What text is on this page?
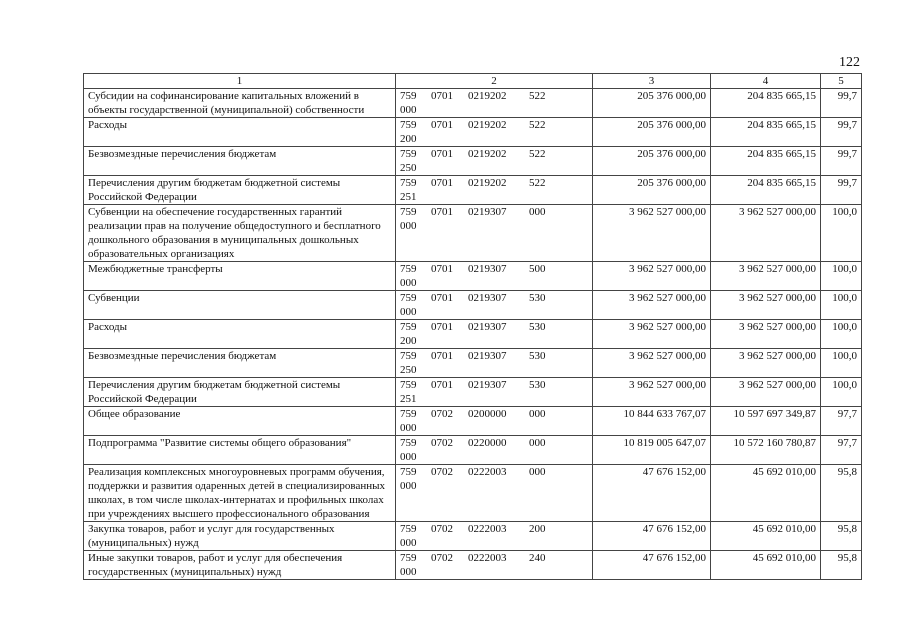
122
1	2	3	4	5
Субсидии на софинансирование капитальных вложений в объекты государственной (муниципальной) собственности	759 0701 0219202 522000	205 376 000,00	204 835 665,15	99,7
Расходы	759 0701 0219202 522200	205 376 000,00	204 835 665,15	99,7
Безвозмездные перечисления бюджетам	759 0701 0219202 522250	205 376 000,00	204 835 665,15	99,7
Перечисления другим бюджетам бюджетной системы Российской Федерации	759 0701 0219202 522251	205 376 000,00	204 835 665,15	99,7
Субвенции на обеспечение государственных гарантий реализации прав на получение общедоступного и бесплатного дошкольного образования в муниципальных дошкольных образовательных организациях	759 0701 0219307 000000	3 962 527 000,00	3 962 527 000,00	100,0
Межбюджетные трансферты	759 0701 0219307 500000	3 962 527 000,00	3 962 527 000,00	100,0
Субвенции	759 0701 0219307 530000	3 962 527 000,00	3 962 527 000,00	100,0
Расходы	759 0701 0219307 530200	3 962 527 000,00	3 962 527 000,00	100,0
Безвозмездные перечисления бюджетам	759 0701 0219307 530250	3 962 527 000,00	3 962 527 000,00	100,0
Перечисления другим бюджетам бюджетной системы Российской Федерации	759 0701 0219307 530251	3 962 527 000,00	3 962 527 000,00	100,0
Общее образование	759 0702 0200000 000000	10 844 633 767,07	10 597 697 349,87	97,7
Подпрограмма "Развитие системы общего образования"	759 0702 0220000 000000	10 819 005 647,07	10 572 160 780,87	97,7
Реализация комплексных многоуровневых программ обучения, поддержки и развития одаренных детей в специализированных школах, в том числе школах-интернатах и профильных школах при учреждениях высшего профессионального образования	759 0702 0222003 000000	47 676 152,00	45 692 010,00	95,8
Закупка товаров, работ и услуг для государственных (муниципальных) нужд	759 0702 0222003 200000	47 676 152,00	45 692 010,00	95,8
Иные закупки товаров, работ и услуг для обеспечения государственных (муниципальных) нужд	759 0702 0222003 240000	47 676 152,00	45 692 010,00	95,8
